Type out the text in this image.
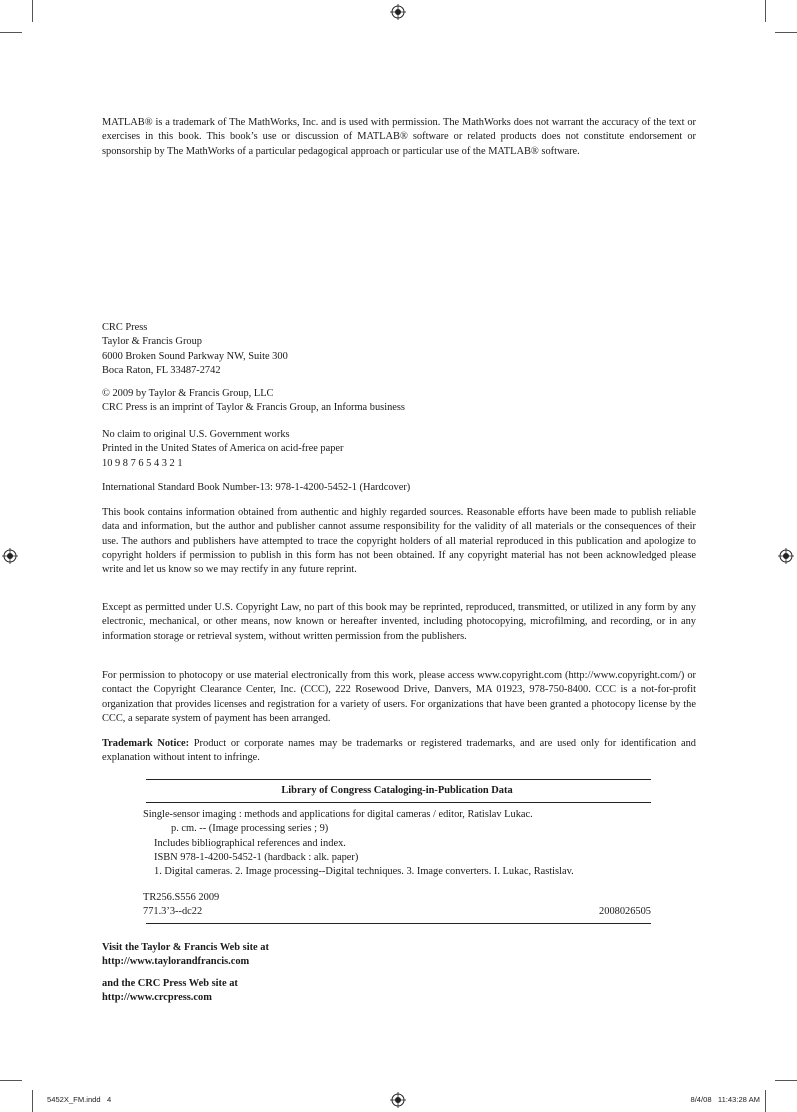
MATLAB® is a trademark of The MathWorks, Inc. and is used with permission. The MathWorks does not warrant the accuracy of the text or exercises in this book. This book’s use or discussion of MATLAB® software or related products does not constitute endorsement or sponsorship by The MathWorks of a particular pedagogical approach or particular use of the MATLAB® software.

CRC Press
Taylor & Francis Group
6000 Broken Sound Parkway NW, Suite 300
Boca Raton, FL 33487-2742
© 2009 by Taylor & Francis Group, LLC
CRC Press is an imprint of Taylor & Francis Group, an Informa business
No claim to original U.S. Government works
Printed in the United States of America on acid-free paper
10 9 8 7 6 5 4 3 2 1
International Standard Book Number-13: 978-1-4200-5452-1 (Hardcover)

This book contains information obtained from authentic and highly regarded sources. Reasonable efforts have been made to publish reliable data and information, but the author and publisher cannot assume responsibility for the validity of all materials or the consequences of their use. The authors and publishers have attempted to trace the copyright holders of all material reproduced in this publication and apologize to copyright holders if permission to publish in this form has not been obtained. If any copyright material has not been acknowledged please write and let us know so we may rectify in any future reprint.

Except as permitted under U.S. Copyright Law, no part of this book may be reprinted, reproduced, transmitted, or utilized in any form by any electronic, mechanical, or other means, now known or hereafter invented, including photocopying, microfilming, and recording, or in any information storage or retrieval system, without written permission from the publishers.

For permission to photocopy or use material electronically from this work, please access www.copyright.com (http://www.copyright.com/) or contact the Copyright Clearance Center, Inc. (CCC), 222 Rosewood Drive, Danvers, MA 01923, 978-750-8400. CCC is a not-for-profit organization that provides licenses and registration for a variety of users. For organizations that have been granted a photocopy license by the CCC, a separate system of payment has been arranged.

Trademark Notice: Product or corporate names may be trademarks or registered trademarks, and are used only for identification and explanation without intent to infringe.

Library of Congress Cataloging-in-Publication Data
Single-sensor imaging : methods and applications for digital cameras / editor, Ratislav Lukac.
p. cm. -- (Image processing series ; 9)
Includes bibliographical references and index.
ISBN 978-1-4200-5452-1 (hardback : alk. paper)
1. Digital cameras. 2. Image processing--Digital techniques. 3. Image converters. I. Lukac, Rastislav.
TR256.S556 2009
771.3’3--dc22	2008026505
Visit the Taylor & Francis Web site at
http://www.taylorandfrancis.com
and the CRC Press Web site at
http://www.crcpress.com
5452X_FM.indd   4	8/4/08   11:43:28 AM
